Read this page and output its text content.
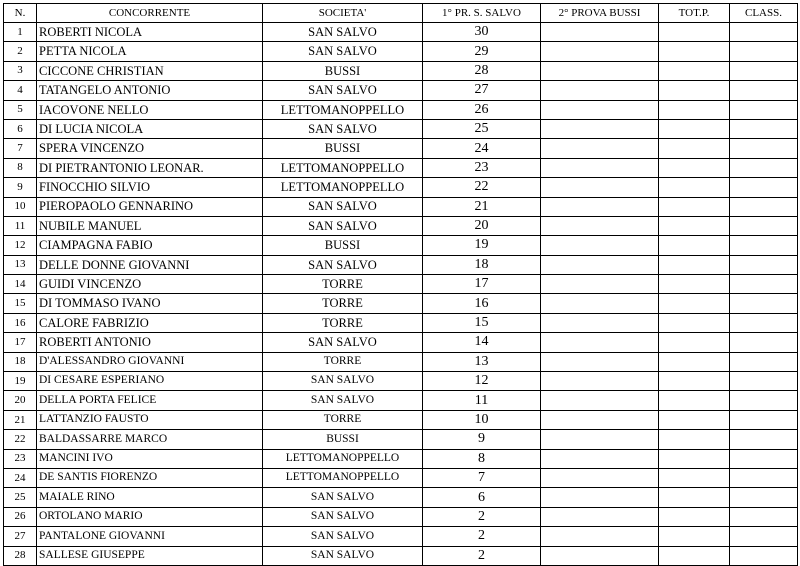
N.	CONCORRENTE	SOCIETA'	1° PR. S. SALVO	2° PROVA BUSSI	TOT.P.	CLASS.
1	ROBERTI NICOLA	SAN SALVO	30			
2	PETTA NICOLA	SAN SALVO	29			
3	CICCONE CHRISTIAN	BUSSI	28			
4	TATANGELO ANTONIO	SAN SALVO	27			
5	IACOVONE NELLO	LETTOMANOPPELLO	26			
6	DI LUCIA NICOLA	SAN SALVO	25			
7	SPERA VINCENZO	BUSSI	24			
8	DI PIETRANTONIO LEONAR.	LETTOMANOPPELLO	23			
9	FINOCCHIO SILVIO	LETTOMANOPPELLO	22			
10	PIEROPAOLO GENNARINO	SAN SALVO	21			
11	NUBILE MANUEL	SAN SALVO	20			
12	CIAMPAGNA FABIO	BUSSI	19			
13	DELLE DONNE GIOVANNI	SAN SALVO	18			
14	GUIDI VINCENZO	TORRE	17			
15	DI TOMMASO IVANO	TORRE	16			
16	CALORE FABRIZIO	TORRE	15			
17	ROBERTI ANTONIO	SAN SALVO	14			
18	D'ALESSANDRO GIOVANNI	TORRE	13			
19	DI CESARE ESPERIANO	SAN SALVO	12			
20	DELLA PORTA FELICE	SAN SALVO	11			
21	LATTANZIO FAUSTO	TORRE	10			
22	BALDASSARRE MARCO	BUSSI	9			
23	MANCINI IVO	LETTOMANOPPELLO	8			
24	DE SANTIS FIORENZO	LETTOMANOPPELLO	7			
25	MAIALE RINO	SAN SALVO	6			
26	ORTOLANO MARIO	SAN SALVO	2			
27	PANTALONE GIOVANNI	SAN SALVO	2			
28	SALLESE GIUSEPPE	SAN SALVO	2			
